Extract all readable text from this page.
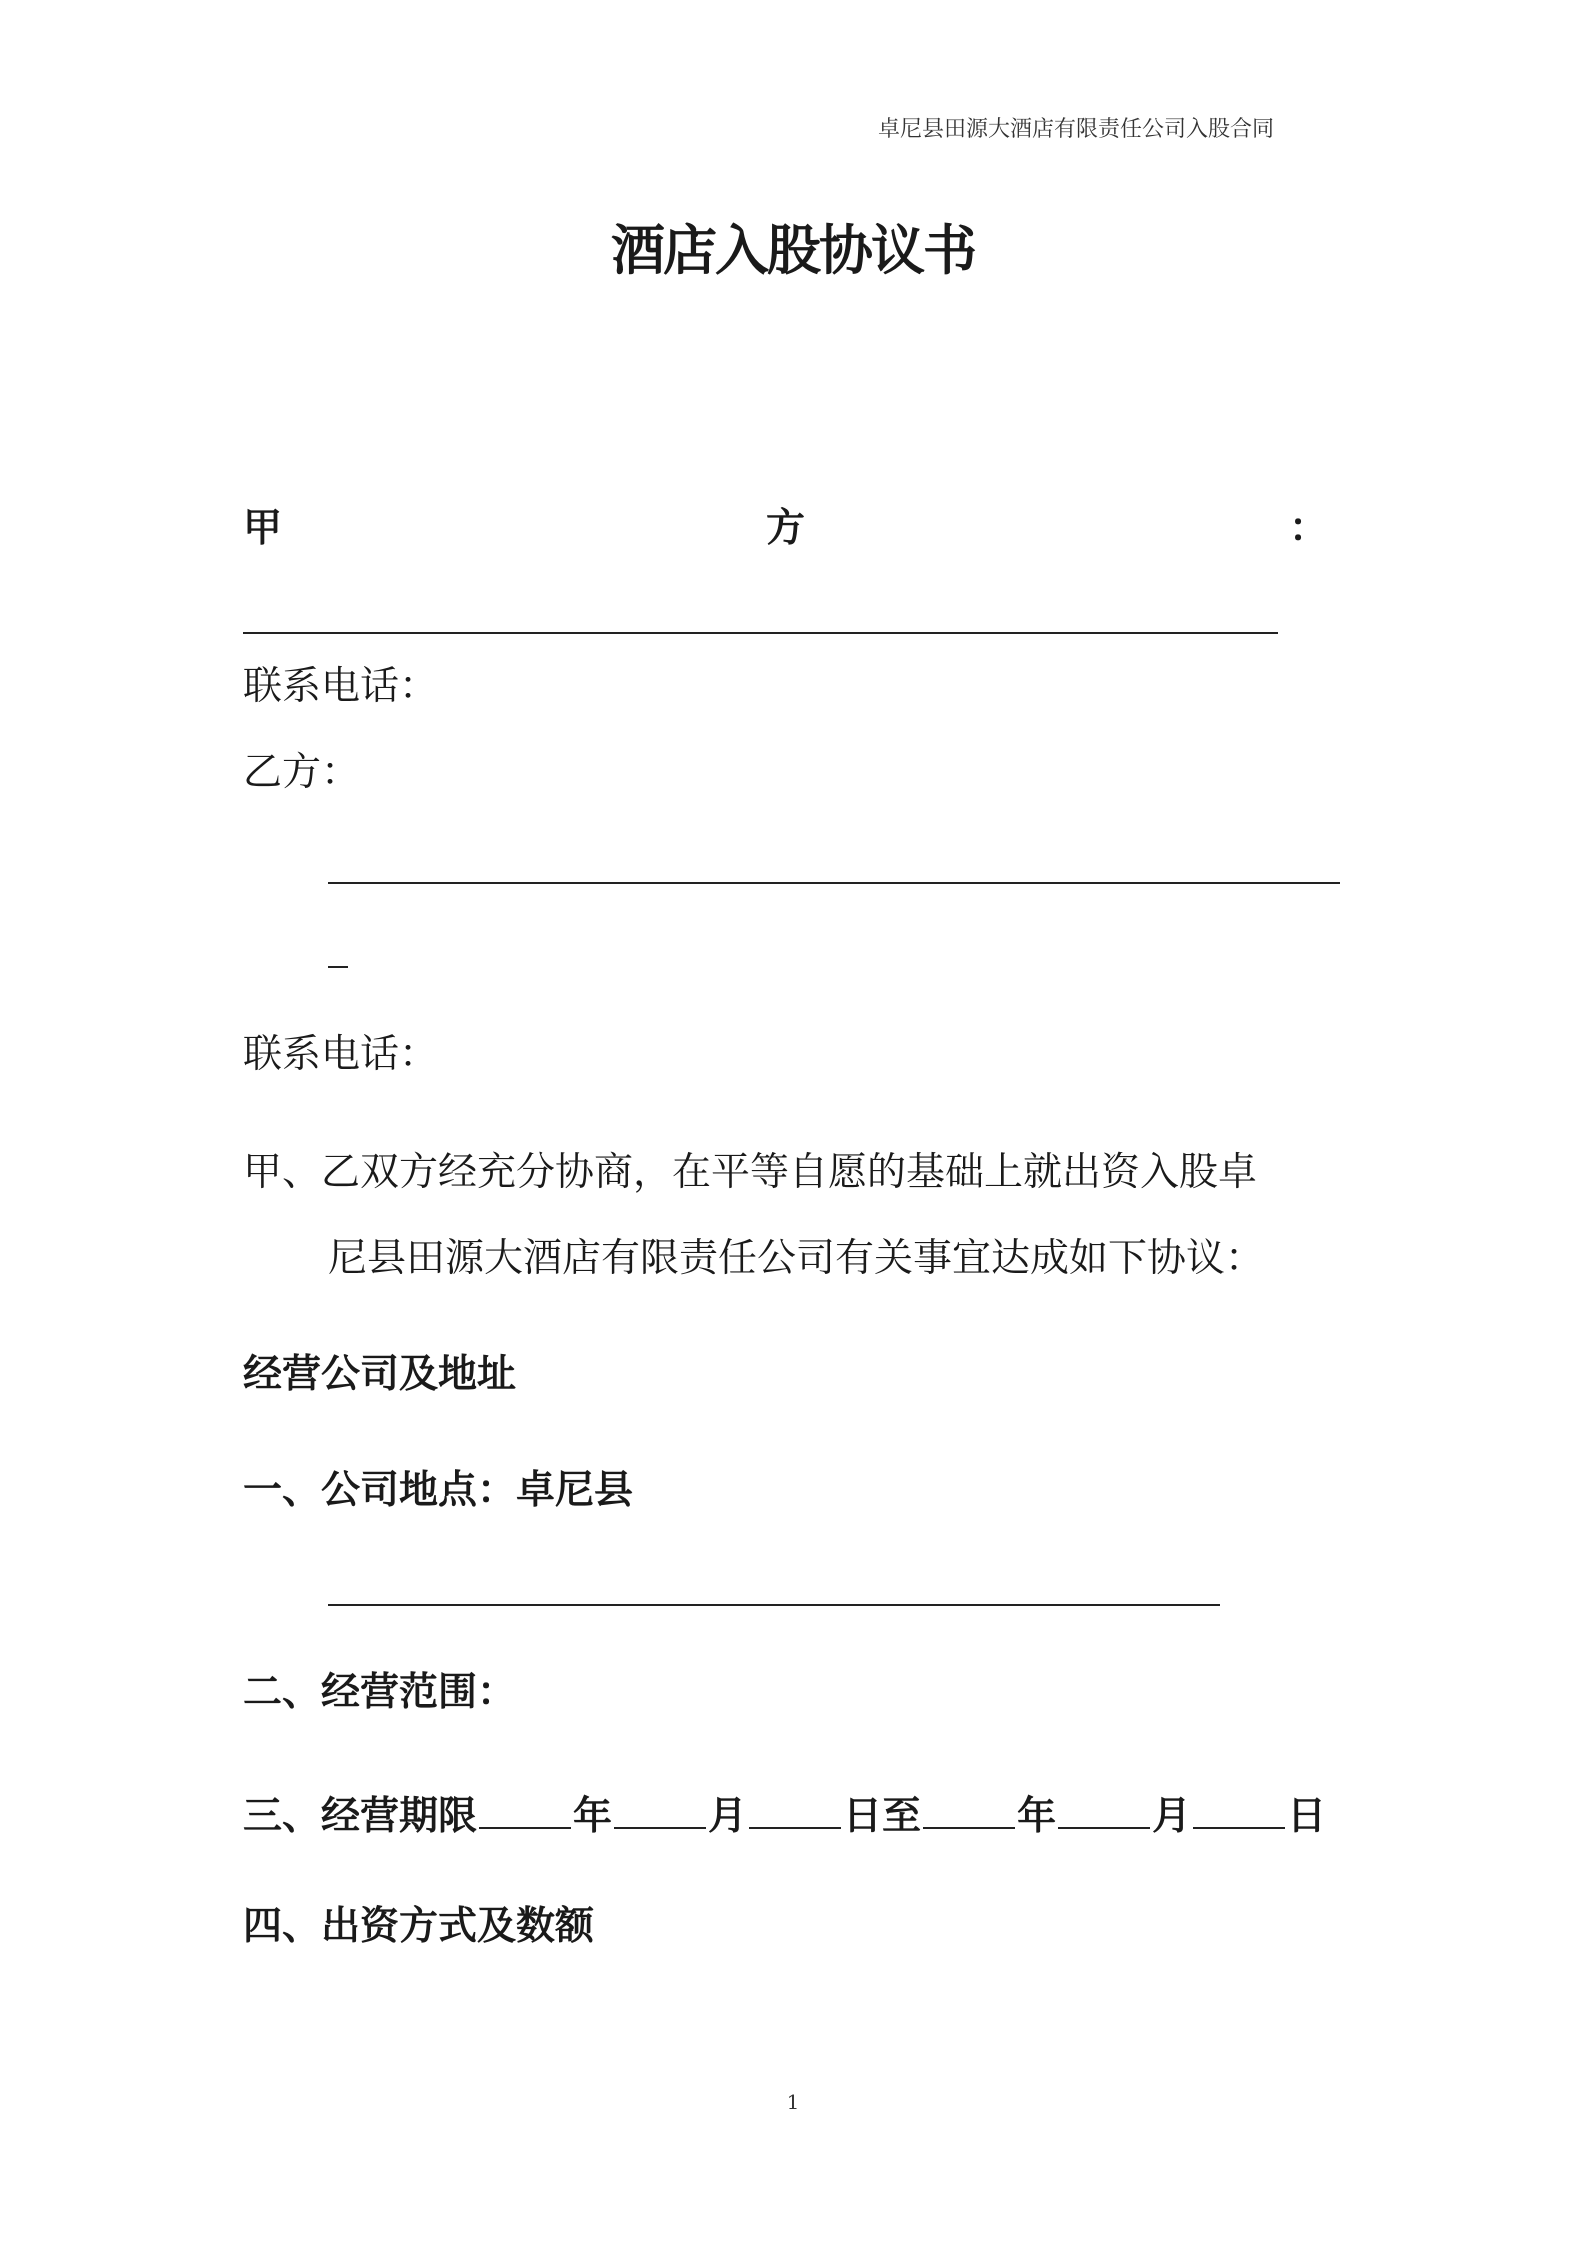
卓尼县田源大酒店有限责任公司入股合同
酒店入股协议书
甲	方	：
联系电话：
乙方：
联系电话：
甲、乙双方经充分协商，在平等自愿的基础上就出资入股卓
尼县田源大酒店有限责任公司有关事宜达成如下协议：
经营公司及地址
一、公司地点：卓尼县
二、经营范围：
三、经营期限 年 月 日至 年 月 日
四、出资方式及数额
1
